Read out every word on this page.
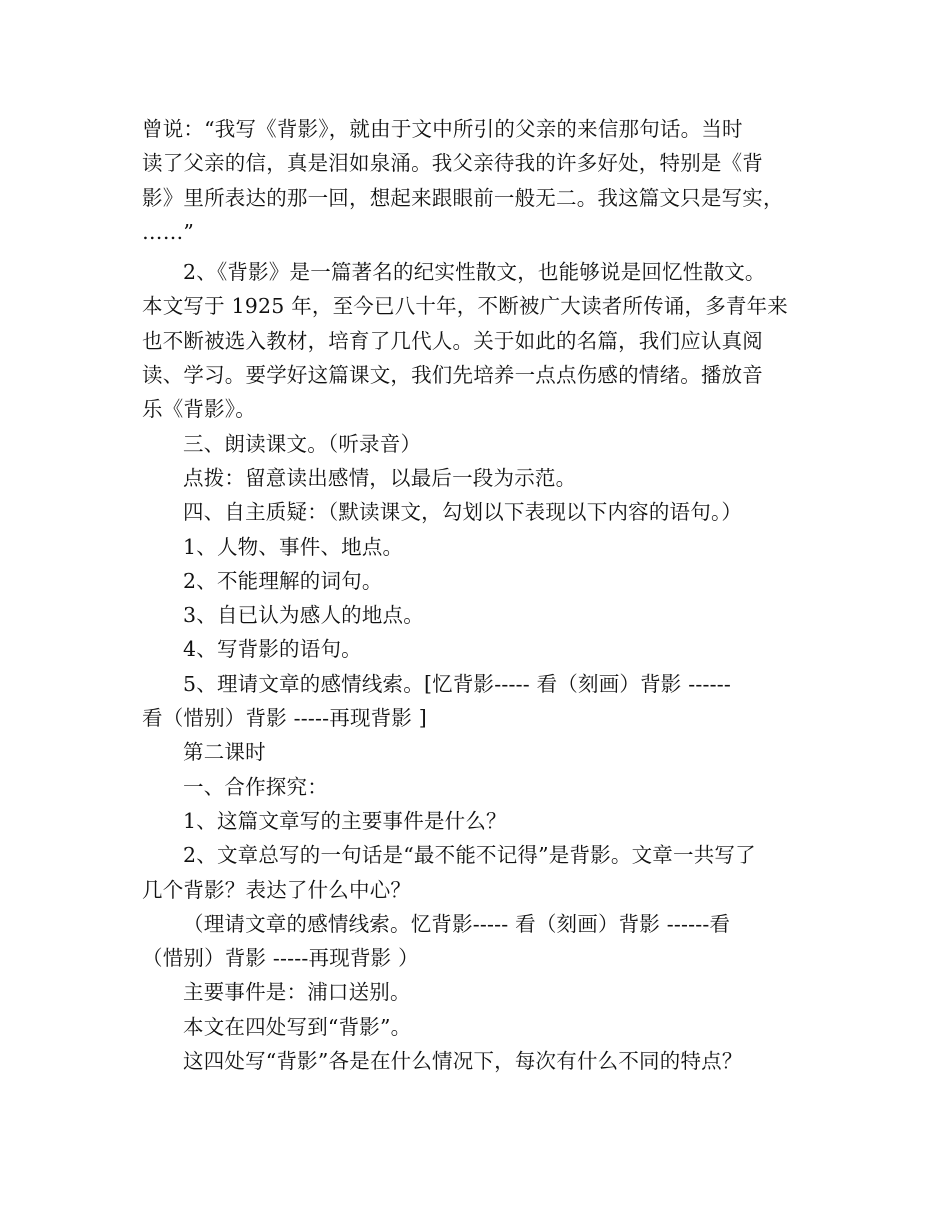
曾说：“我写《背影》，就由于文中所引的父亲的来信那句话。当时
读了父亲的信，真是泪如泉涌。我父亲待我的许多好处，特别是《背
影》里所表达的那一回，想起来跟眼前一般无二。我这篇文只是写实，
……”
2、《背影》是一篇著名的纪实性散文，也能够说是回忆性散文。
本文写于 1925 年，至今已八十年，不断被广大读者所传诵，多青年来
也不断被选入教材，培育了几代人。关于如此的名篇，我们应认真阅
读、学习。要学好这篇课文，我们先培养一点点伤感的情绪。播放音
乐《背影》。
三、朗读课文。（听录音）
点拨：留意读出感情，以最后一段为示范。
四、自主质疑：（默读课文，勾划以下表现以下内容的语句。）
1、人物、事件、地点。
2、不能理解的词句。
3、自已认为感人的地点。
4、写背影的语句。
5、理请文章的感情线索。[忆背影----- 看（刻画）背影 ------
看（惜别）背影 -----再现背影 ]
第二课时
一、合作探究：
1、这篇文章写的主要事件是什么？
2、文章总写的一句话是“最不能不记得”是背影。文章一共写了
几个背影？表达了什么中心？
（理请文章的感情线索。忆背影----- 看（刻画）背影 ------看
（惜别）背影 -----再现背影 ）
主要事件是：浦口送别。
本文在四处写到“背影”。
这四处写“背影”各是在什么情况下，每次有什么不同的特点？
